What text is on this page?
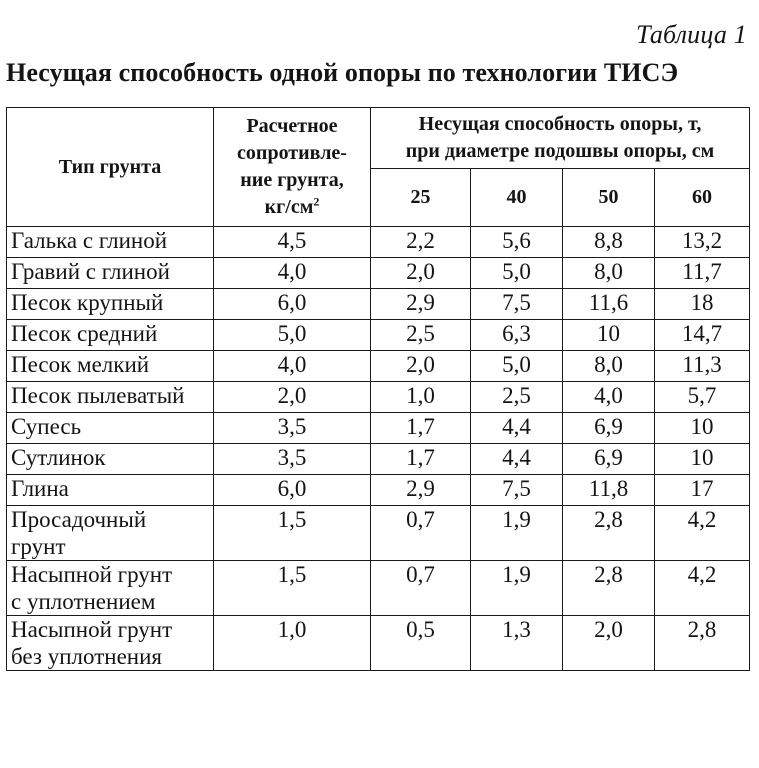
Таблица 1
Несущая способность одной опоры по технологии ТИСЭ
Тип грунта	Расчетное
сопротивле-
ние грунта,
$кг/см^2$	Несущая способность опоры, т,
при диаметре подошвы опоры, см			
		25	40	50	60
Галька с глиной	4,5	2,2	5,6	8,8	13,2
Гравий с глиной	4,0	2,0	5,0	8,0	11,7
Песок крупный	6,0	2,9	7,5	11,6	18
Песок средний	5,0	2,5	6,3	10	14,7
Песок мелкий	4,0	2,0	5,0	8,0	11,3
Песок пылеватый	2,0	1,0	2,5	4,0	5,7
Супесь	3,5	1,7	4,4	6,9	10
Сутлинок	3,5	1,7	4,4	6,9	10
Глина	6,0	2,9	7,5	11,8	17
Просадочный
грунт	1,5	0,7	1,9	2,8	4,2
Насыпной грунт
с уплотнением	1,5	0,7	1,9	2,8	4,2
Насыпной грунт
без уплотнения	1,0	0,5	1,3	2,0	2,8
